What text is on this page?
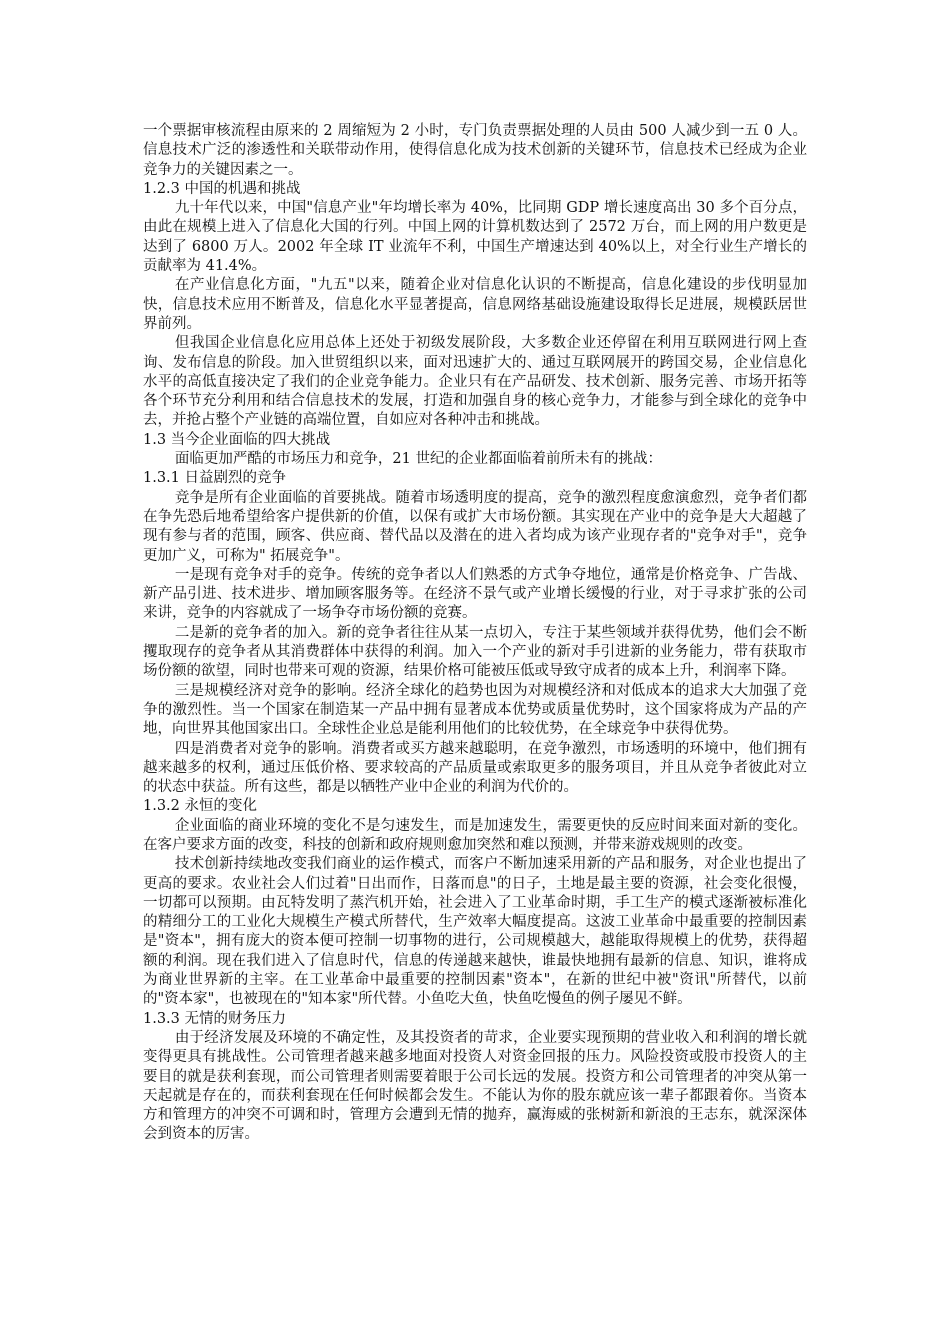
一个票据审核流程由原来的 2 周缩短为 2 小时，专门负责票据处理的人员由 500 人减少到一五 0 人。信息技术广泛的渗透性和关联带动作用，使得信息化成为技术创新的关键环节，信息技术已经成为企业竞争力的关键因素之一。

1.2.3 中国的机遇和挑战

九十年代以来，中国"信息产业"年均增长率为 40%，比同期 GDP 增长速度高出 30 多个百分点，由此在规模上进入了信息化大国的行列。中国上网的计算机数达到了 2572 万台，而上网的用户数更是达到了 6800 万人。2002 年全球 IT 业流年不利，中国生产增速达到 40%以上，对全行业生产增长的贡献率为 41.4%。

在产业信息化方面，"九五"以来，随着企业对信息化认识的不断提高，信息化建设的步伐明显加快，信息技术应用不断普及，信息化水平显著提高，信息网络基础设施建设取得长足进展，规模跃居世界前列。

但我国企业信息化应用总体上还处于初级发展阶段，大多数企业还停留在利用互联网进行网上查询、发布信息的阶段。加入世贸组织以来，面对迅速扩大的、通过互联网展开的跨国交易，企业信息化水平的高低直接决定了我们的企业竞争能力。企业只有在产品研发、技术创新、服务完善、市场开拓等各个环节充分利用和结合信息技术的发展，打造和加强自身的核心竞争力，才能参与到全球化的竞争中去，并抢占整个产业链的高端位置，自如应对各种冲击和挑战。

1.3 当今企业面临的四大挑战

面临更加严酷的市场压力和竞争，21 世纪的企业都面临着前所未有的挑战：

1.3.1 日益剧烈的竞争

竞争是所有企业面临的首要挑战。随着市场透明度的提高，竞争的激烈程度愈演愈烈，竞争者们都在争先恐后地希望给客户提供新的价值，以保有或扩大市场份额。其实现在产业中的竞争是大大超越了现有参与者的范围，顾客、供应商、替代品以及潜在的进入者均成为该产业现存者的"竞争对手"，竞争更加广义，可称为" 拓展竞争"。

一是现有竞争对手的竞争。传统的竞争者以人们熟悉的方式争夺地位，通常是价格竞争、广告战、新产品引进、技术进步、增加顾客服务等。在经济不景气或产业增长缓慢的行业，对于寻求扩张的公司来讲，竞争的内容就成了一场争夺市场份额的竞赛。

二是新的竞争者的加入。新的竞争者往往从某一点切入，专注于某些领域并获得优势，他们会不断攫取现存的竞争者从其消费群体中获得的利润。加入一个产业的新对手引进新的业务能力，带有获取市场份额的欲望，同时也带来可观的资源，结果价格可能被压低或导致守成者的成本上升，利润率下降。

三是规模经济对竞争的影响。经济全球化的趋势也因为对规模经济和对低成本的追求大大加强了竞争的激烈性。当一个国家在制造某一产品中拥有显著成本优势或质量优势时，这个国家将成为产品的产地，向世界其他国家出口。全球性企业总是能利用他们的比较优势，在全球竞争中获得优势。

四是消费者对竞争的影响。消费者或买方越来越聪明，在竞争激烈，市场透明的环境中，他们拥有越来越多的权利，通过压低价格、要求较高的产品质量或索取更多的服务项目，并且从竞争者彼此对立的状态中获益。所有这些，都是以牺牲产业中企业的利润为代价的。

1.3.2 永恒的变化

企业面临的商业环境的变化不是匀速发生，而是加速发生，需要更快的反应时间来面对新的变化。在客户要求方面的改变，科技的创新和政府规则愈加突然和难以预测，并带来游戏规则的改变。

技术创新持续地改变我们商业的运作模式，而客户不断加速采用新的产品和服务，对企业也提出了更高的要求。农业社会人们过着"日出而作，日落而息"的日子，土地是最主要的资源，社会变化很慢，一切都可以预期。由瓦特发明了蒸汽机开始，社会进入了工业革命时期，手工生产的模式逐渐被标准化的精细分工的工业化大规模生产模式所替代，生产效率大幅度提高。这波工业革命中最重要的控制因素是"资本"，拥有庞大的资本便可控制一切事物的进行，公司规模越大，越能取得规模上的优势，获得超额的利润。现在我们进入了信息时代，信息的传递越来越快，谁最快地拥有最新的信息、知识，谁将成为商业世界新的主宰。在工业革命中最重要的控制因素"资本"，在新的世纪中被"资讯"所替代，以前的"资本家"，也被现在的"知本家"所代替。小鱼吃大鱼，快鱼吃慢鱼的例子屡见不鲜。

1.3.3 无情的财务压力

由于经济发展及环境的不确定性，及其投资者的苛求，企业要实现预期的营业收入和利润的增长就变得更具有挑战性。公司管理者越来越多地面对投资人对资金回报的压力。风险投资或股市投资人的主要目的就是获利套现，而公司管理者则需要着眼于公司长远的发展。投资方和公司管理者的冲突从第一天起就是存在的，而获利套现在任何时候都会发生。不能认为你的股东就应该一辈子都跟着你。当资本方和管理方的冲突不可调和时，管理方会遭到无情的抛弃，赢海威的张树新和新浪的王志东，就深深体会到资本的厉害。
